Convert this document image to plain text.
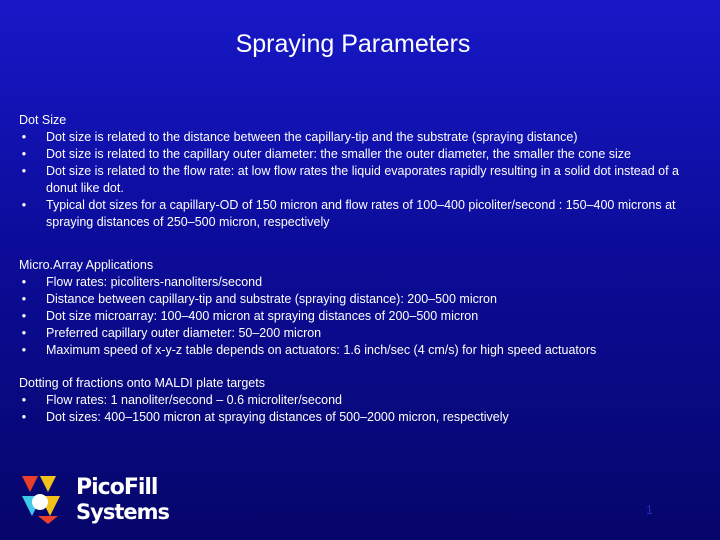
Spraying Parameters
Dot Size
• Dot size is related to the distance between the capillary-tip and the substrate (spraying distance)
• Dot size is related to the capillary outer diameter: the smaller the outer diameter, the smaller the cone size
• Dot size is related to the flow rate: at low flow rates the liquid evaporates rapidly resulting in a solid dot instead of a donut like dot.
• Typical dot sizes for a capillary-OD of 150 micron and flow rates of 100–400 picoliter/second : 150–400 microns at spraying distances of 250–500 micron, respectively
Micro.Array Applications
• Flow rates: picoliters-nanoliters/second
• Distance between capillary-tip and substrate (spraying distance): 200–500 micron
• Dot size microarray: 100–400 micron at spraying distances of 200–500 micron
• Preferred capillary outer diameter: 50–200 micron
• Maximum speed of x-y-z table depends on actuators: 1.6 inch/sec (4 cm/s) for high speed actuators
Dotting of fractions onto MALDI plate targets
• Flow rates: 1 nanoliter/second – 0.6 microliter/second
• Dot sizes: 400–1500 micron at spraying distances of 500–2000 micron, respectively
PicoFill
Systems	1
